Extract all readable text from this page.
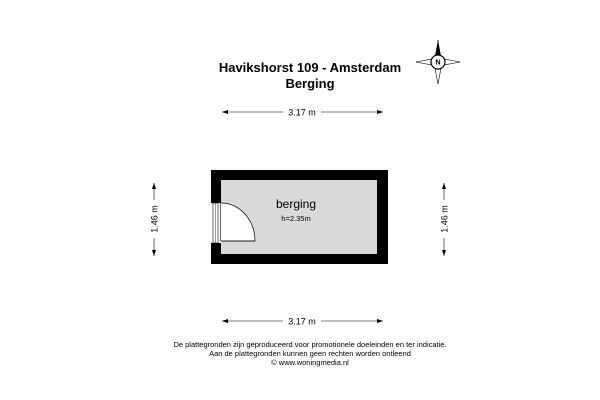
Havikshorst 109 - Amsterdam
Berging
N
3.17 m
3.17 m
1.46 m	1.46 m
berging
h=2.35m
De plattegronden zijn geproduceerd voor promotionele doeleinden en ter indicatie.
Aan de plattegronden kunnen geen rechten worden ontleend
© www.woningmedia.nl
